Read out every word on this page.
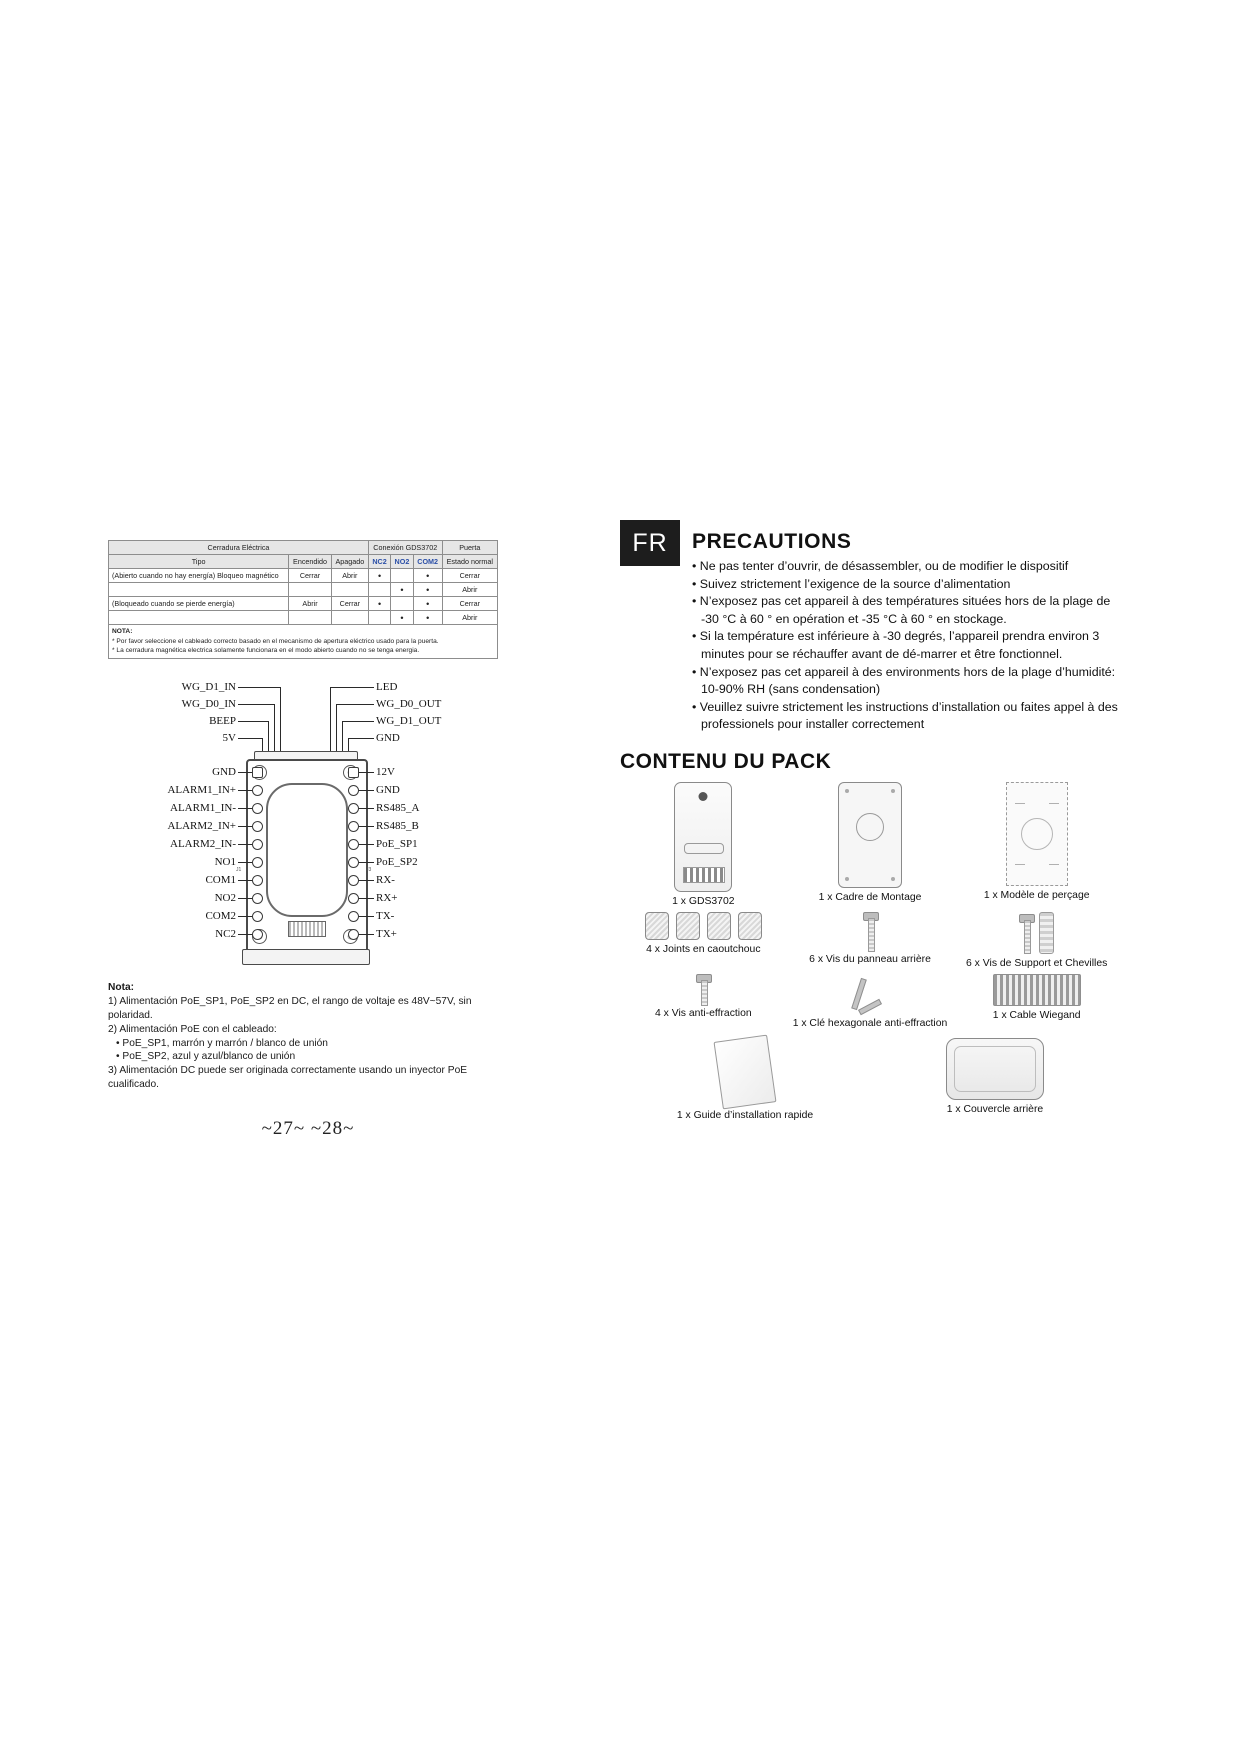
Cerradura Eléctrica			Conexión GDS3702			Puerta
Tipo	Encendido	Apagado	NC2	NO2	COM2	Estado normal
(Abierto cuando no hay energía) Bloqueo magnético	Cerrar	Abrir	•		•	Cerrar
				•	•	Abrir
(Bloqueado cuando se pierde energía)	Abrir	Cerrar	•		•	Cerrar
				•	•	Abrir
NOTA:
* Por favor seleccione el cableado correcto basado en el mecanismo de apertura eléctrico usado para la puerta.
* La cerradura magnética electrica solamente funcionara en el modo abierto cuando no se tenga energia.						
WG_D1_IN
WG_D0_IN
BEEP
5V
LED
WG_D0_OUT
WG_D1_OUT
GND
GND
ALARM1_IN+
ALARM1_IN-
ALARM2_IN+
ALARM2_IN-
NO1
COM1
NO2
COM2
NC2
12V
GND
RS485_A
RS485_B
PoE_SP1
PoE_SP2
RX-
RX+
TX-
TX+
J1	J3
Nota:
1) Alimentación PoE_SP1, PoE_SP2 en DC, el rango de voltaje es 48V~57V, sin polaridad.
2) Alimentación PoE con el cableado:
• PoE_SP1, marrón y marrón / blanco de unión
• PoE_SP2, azul y azul/blanco de unión
3) Alimentación DC puede ser originada correctamente usando un inyector PoE cualificado.
~27~ ~28~
FR	PRECAUTIONS
• Ne pas tenter d’ouvrir, de désassembler, ou de modifier le dispositif
• Suivez strictement l’exigence de la source d’alimentation
• N’exposez pas cet appareil à des températures situées hors de la plage de -30 °C à 60 ° en opération et -35 °C à 60 ° en stockage.
• Si la température est inférieure à -30 degrés, l’appareil prendra environ 3 minutes pour se réchauffer avant de dé-marrer et être fonctionnel.
• N’exposez pas cet appareil à des environments hors de la plage d’humidité: 10-90% RH (sans condensation)
• Veuillez suivre strictement les instructions d’installation ou faites appel à des professionels pour installer correctement
CONTENU DU PACK
1 x GDS3702	1 x Cadre de Montage	1 x Modèle de perçage
4 x Joints en caoutchouc
6 x Vis du panneau arrière	6 x Vis de Support et Chevilles
4 x Vis anti-effraction
1 x Clé hexagonale anti-effraction
1 x Cable Wiegand
1 x Guide d’installation rapide
1 x Couvercle arrière
